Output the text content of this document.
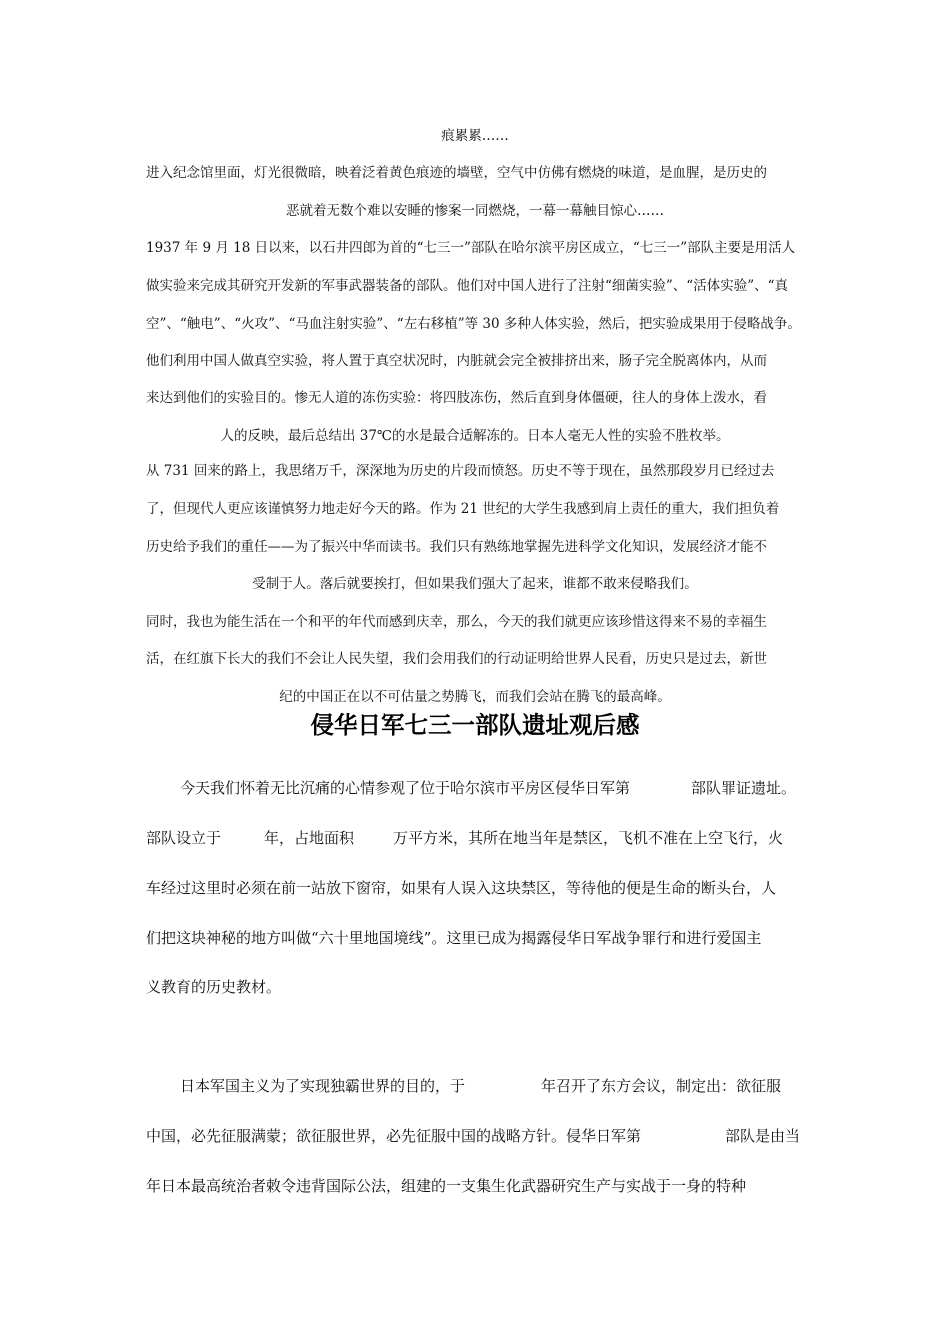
痕累累……
进入纪念馆里面，灯光很微暗，映着泛着黄色痕迹的墙壁，空气中仿佛有燃烧的味道，是血腥，是历史的
恶就着无数个难以安睡的惨案一同燃烧，一幕一幕触目惊心……
1937 年 9 月 18 日以来，以石井四郎为首的“七三一”部队在哈尔滨平房区成立，“七三一”部队主要是用活人
做实验来完成其研究开发新的军事武器装备的部队。他们对中国人进行了注射“细菌实验”、“活体实验”、“真
空”、“触电”、“火攻”、“马血注射实验”、“左右移植”等 30 多种人体实验，然后，把实验成果用于侵略战争。
他们利用中国人做真空实验，将人置于真空状况时，内脏就会完全被排挤出来，肠子完全脱离体内，从而
来达到他们的实验目的。惨无人道的冻伤实验：将四肢冻伤，然后直到身体僵硬，往人的身体上泼水，看
人的反映，最后总结出 37℃的水是最合适解冻的。日本人毫无人性的实验不胜枚举。
从 731 回来的路上，我思绪万千，深深地为历史的片段而愤怒。历史不等于现在，虽然那段岁月已经过去
了，但现代人更应该谨慎努力地走好今天的路。作为 21 世纪的大学生我感到肩上责任的重大，我们担负着
历史给予我们的重任——为了振兴中华而读书。我们只有熟练地掌握先进科学文化知识，发展经济才能不
受制于人。落后就要挨打，但如果我们强大了起来，谁都不敢来侵略我们。
同时，我也为能生活在一个和平的年代而感到庆幸，那么，今天的我们就更应该珍惜这得来不易的幸福生
活，在红旗下长大的我们不会让人民失望，我们会用我们的行动证明给世界人民看，历史只是过去，新世
纪的中国正在以不可估量之势腾飞，而我们会站在腾飞的最高峰。
侵华日军七三一部队遗址观后感
今天我们怀着无比沉痛的心情参观了位于哈尔滨市平房区侵华日军第	部队罪证遗址。
部队设立于	年，占地面积	万平方米，其所在地当年是禁区，飞机不准在上空飞行，火
车经过这里时必须在前一站放下窗帘，如果有人误入这块禁区，等待他的便是生命的断头台，人
们把这块神秘的地方叫做“六十里地国境线”。这里已成为揭露侵华日军战争罪行和进行爱国主
义教育的历史教材。
日本军国主义为了实现独霸世界的目的，于	年召开了东方会议，制定出：欲征服
中国，必先征服满蒙；欲征服世界，必先征服中国的战略方针。侵华日军第	部队是由当
年日本最高统治者敕令违背国际公法，组建的一支集生化武器研究生产与实战于一身的特种
